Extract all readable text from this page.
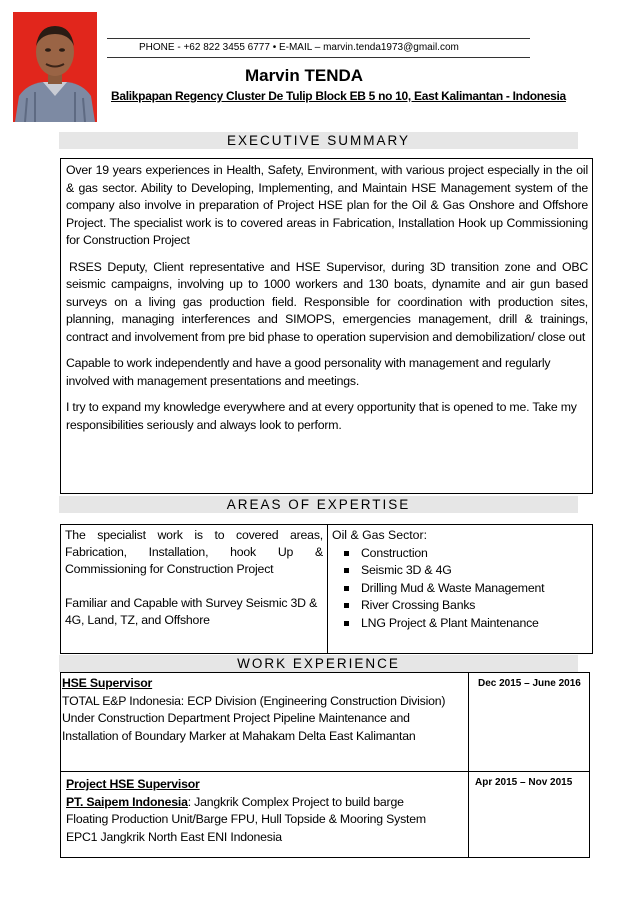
PHONE - +62 822 3455 6777 • E-MAIL – marvin.tenda1973@gmail.com
Marvin TENDA
Balikpapan Regency Cluster De Tulip Block EB 5 no 10, East Kalimantan - Indonesia
EXECUTIVE SUMMARY

Over 19 years experiences in Health, Safety, Environment, with various project especially in the oil & gas sector. Ability to Developing, Implementing, and Maintain HSE Management system of the company also involve in preparation of Project HSE plan for the Oil & Gas Onshore and Offshore Project. The specialist work is to covered areas in Fabrication, Installation Hook up Commissioning for Construction Project

RSES Deputy, Client representative and HSE Supervisor, during 3D transition zone and OBC seismic campaigns, involving up to 1000 workers and 130 boats, dynamite and air gun based surveys on a living gas production field. Responsible for coordination with production sites, planning, managing interferences and SIMOPS, emergencies management, drill & trainings, contract and involvement from pre bid phase to operation supervision and demobilization/ close out

Capable to work independently and have a good personality with management and regularly involved with management presentations and meetings.

I try to expand my knowledge everywhere and at every opportunity that is opened to me. Take my responsibilities seriously and always look to perform.

AREAS OF EXPERTISE

The specialist work is to covered areas, Fabrication, Installation, hook Up & Commissioning for Construction Project

Familiar and Capable with Survey Seismic 3D & 4G, Land, TZ, and Offshore

Oil & Gas Sector:
Construction
Seismic 3D & 4G
Drilling Mud & Waste Management
River Crossing Banks
LNG Project & Plant Maintenance
WORK EXPERIENCE
HSE Supervisor
TOTAL E&P Indonesia: ECP Division (Engineering Construction Division)
Under Construction Department Project Pipeline Maintenance and
Installation of Boundary Marker at Mahakam Delta East Kalimantan
Dec 2015 – June 2016
Project HSE Supervisor
PT. Saipem Indonesia: Jangkrik Complex Project to build barge
Floating Production Unit/Barge FPU, Hull Topside & Mooring System
EPC1 Jangkrik North East ENI Indonesia
Apr 2015 – Nov 2015
